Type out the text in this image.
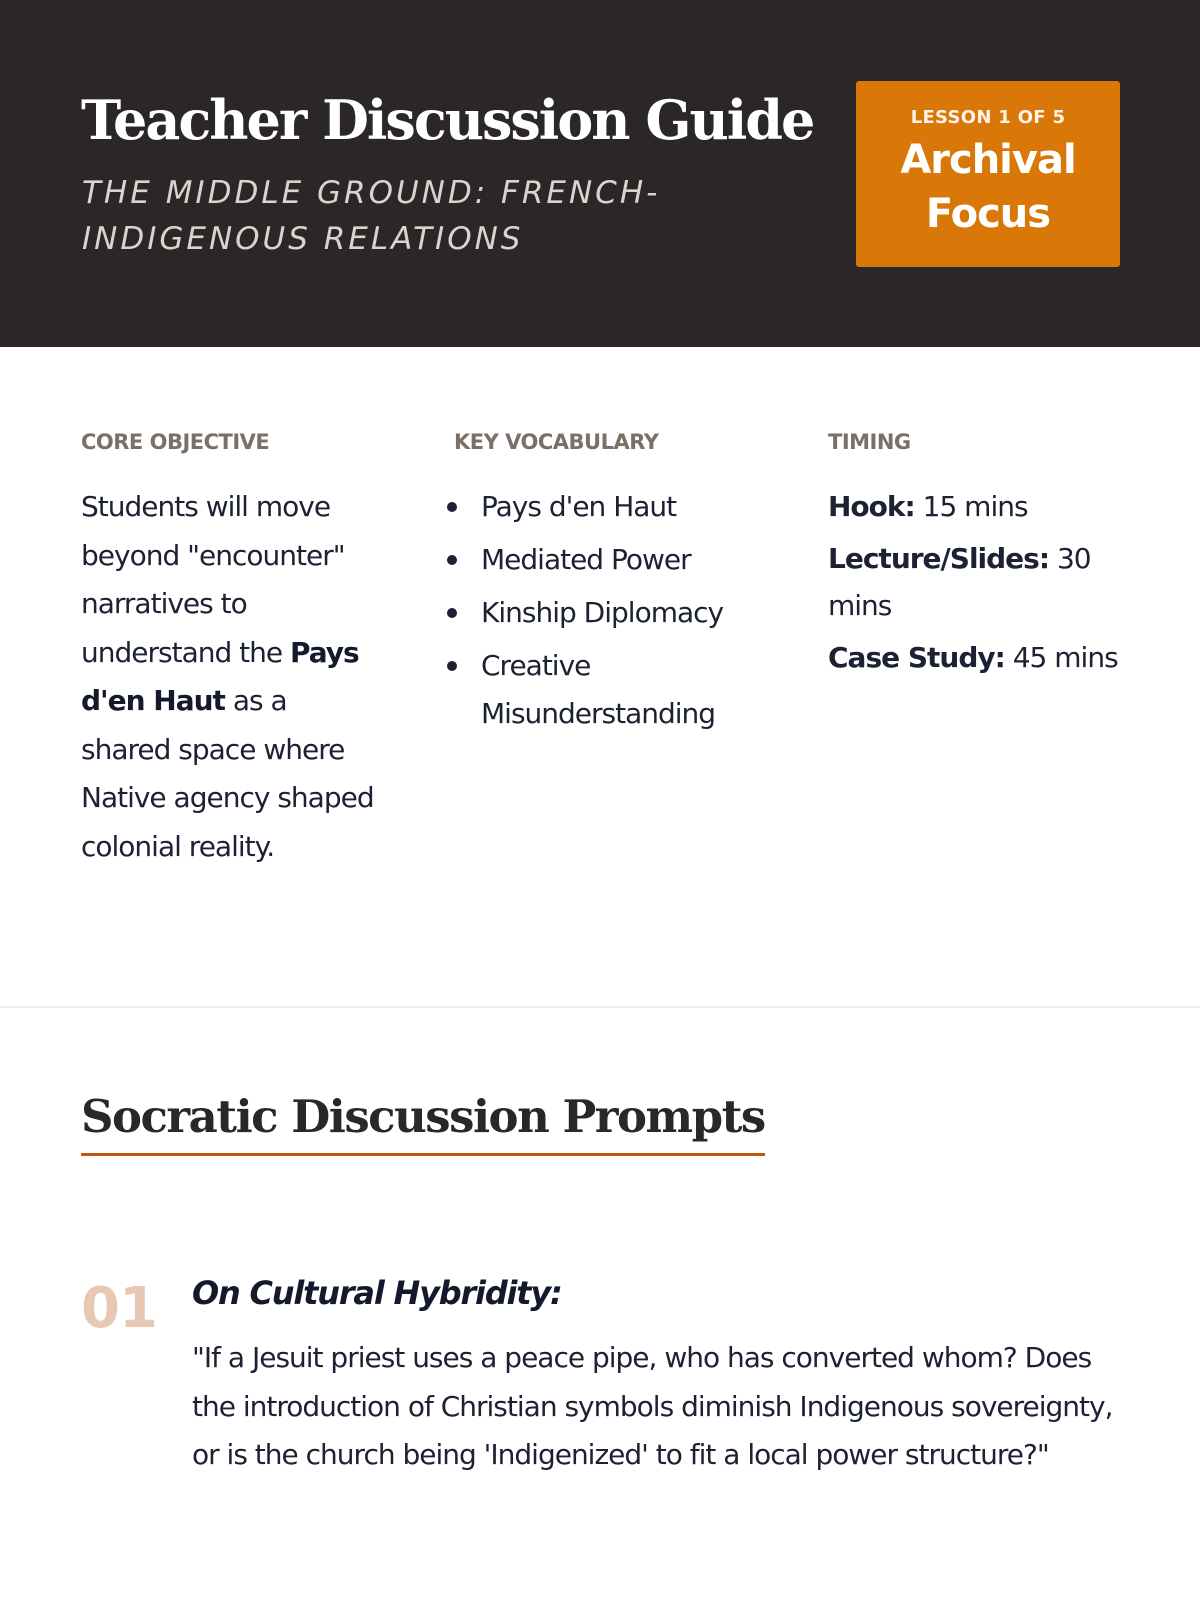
Teacher Discussion Guide
THE MIDDLE GROUND: FRENCH-INDIGENOUS RELATIONS
LESSON 1 OF 5
Archival Focus
CORE OBJECTIVE
Students will move beyond "encounter" narratives to understand the Pays d'en Haut as a shared space where Native agency shaped colonial reality.
KEY VOCABULARY
Pays d'en Haut
Mediated Power
Kinship Diplomacy
Creative Misunderstanding
TIMING

Hook: 15 mins

Lecture/Slides: 30 mins

Case Study: 45 mins

Socratic Discussion Prompts
01 On Cultural Hybridity:
"If a Jesuit priest uses a peace pipe, who has converted whom? Does the introduction of Christian symbols diminish Indigenous sovereignty, or is the church being 'Indigenized' to fit a local power structure?"
